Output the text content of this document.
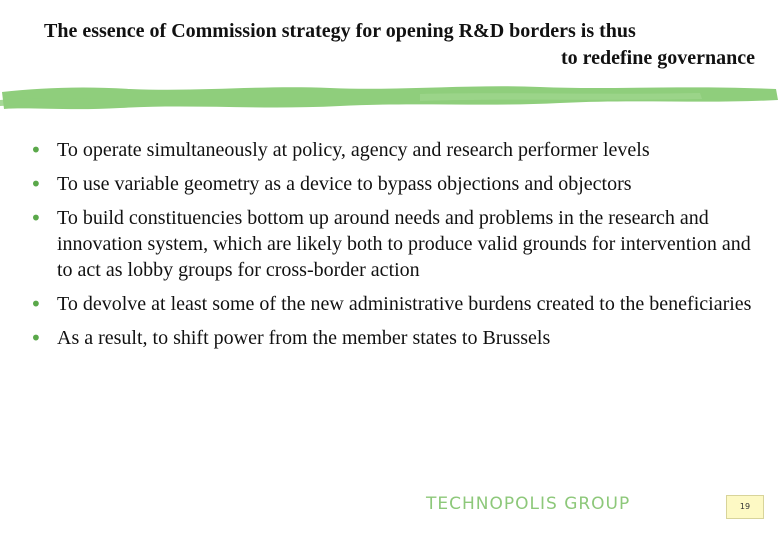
The essence of Commission strategy for opening R&D borders is thus
to redefine governance
• To operate simultaneously at policy, agency and research performer levels
• To use variable geometry as a device to bypass objections and objectors
• To build constituencies bottom up around needs and problems in the research and innovation system, which are likely both to produce valid grounds for intervention and to act as lobby groups for cross-border action
• To devolve at least some of the new administrative burdens created to the beneficiaries
• As a result, to shift power from the member states to Brussels
TECHNOPOLIS GROUP	19
